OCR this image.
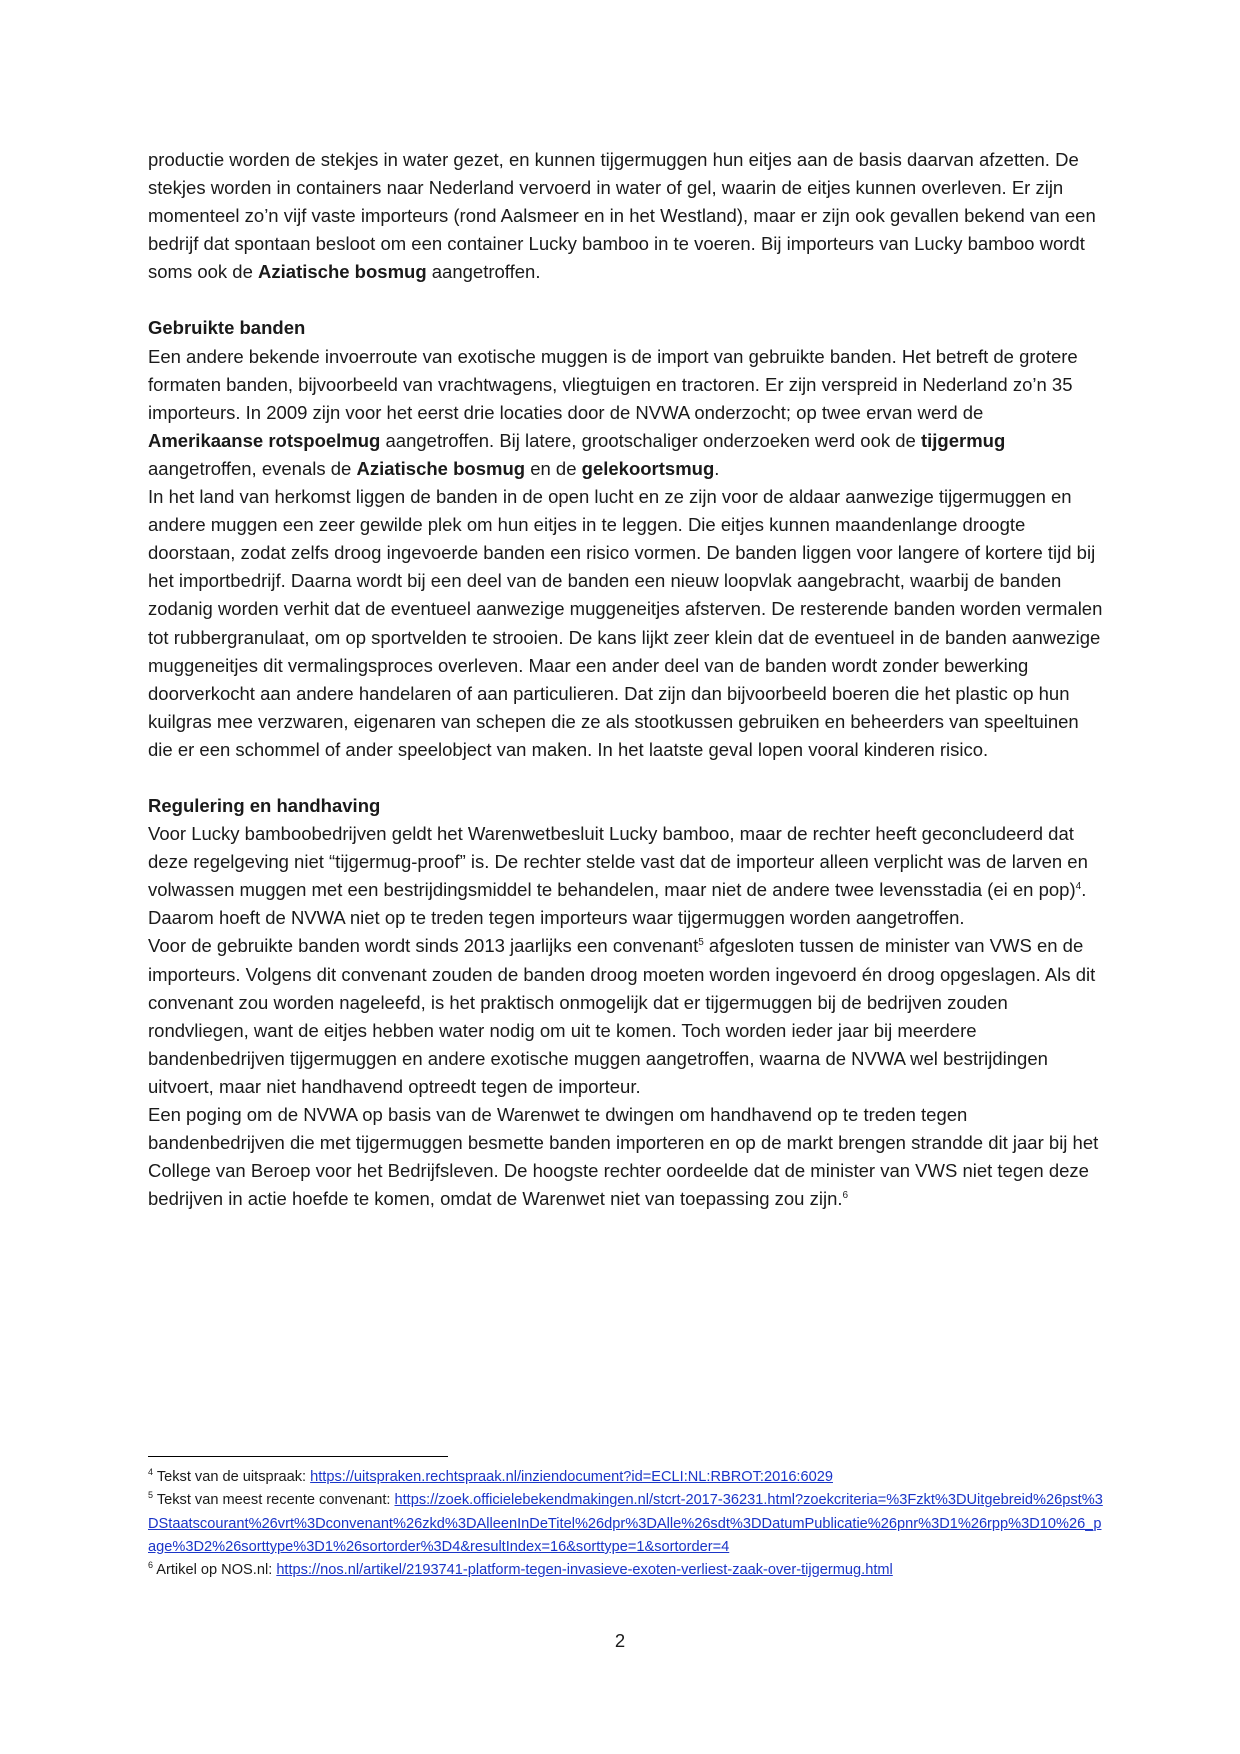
productie worden de stekjes in water gezet, en kunnen tijgermuggen hun eitjes aan de basis daarvan afzetten. De stekjes worden in containers naar Nederland vervoerd in water of gel, waarin de eitjes kunnen overleven. Er zijn momenteel zo’n vijf vaste importeurs (rond Aalsmeer en in het Westland), maar er zijn ook gevallen bekend van een bedrijf dat spontaan besloot om een container Lucky bamboo in te voeren. Bij importeurs van Lucky bamboo wordt soms ook de Aziatische bosmug aangetroffen.

Gebruikte banden

Een andere bekende invoerroute van exotische muggen is de import van gebruikte banden. Het betreft de grotere formaten banden, bijvoorbeeld van vrachtwagens, vliegtuigen en tractoren. Er zijn verspreid in Nederland zo’n 35 importeurs. In 2009 zijn voor het eerst drie locaties door de NVWA onderzocht; op twee ervan werd de Amerikaanse rotspoelmug aangetroffen. Bij latere, grootschaliger onderzoeken werd ook de tijgermug aangetroffen, evenals de Aziatische bosmug en de gelekoortsmug.

In het land van herkomst liggen de banden in de open lucht en ze zijn voor de aldaar aanwezige tijgermuggen en andere muggen een zeer gewilde plek om hun eitjes in te leggen. Die eitjes kunnen maandenlange droogte doorstaan, zodat zelfs droog ingevoerde banden een risico vormen. De banden liggen voor langere of kortere tijd bij het importbedrijf. Daarna wordt bij een deel van de banden een nieuw loopvlak aangebracht, waarbij de banden zodanig worden verhit dat de eventueel aanwezige muggeneitjes afsterven. De resterende banden worden vermalen tot rubbergranulaat, om op sportvelden te strooien. De kans lijkt zeer klein dat de eventueel in de banden aanwezige muggeneitjes dit vermalingsproces overleven. Maar een ander deel van de banden wordt zonder bewerking doorverkocht aan andere handelaren of aan particulieren. Dat zijn dan bijvoorbeeld boeren die het plastic op hun kuilgras mee verzwaren, eigenaren van schepen die ze als stootkussen gebruiken en beheerders van speeltuinen die er een schommel of ander speelobject van maken. In het laatste geval lopen vooral kinderen risico.

Regulering en handhaving

Voor Lucky bamboobedrijven geldt het Warenwetbesluit Lucky bamboo, maar de rechter heeft geconcludeerd dat deze regelgeving niet “tijgermug-proof” is. De rechter stelde vast dat de importeur alleen verplicht was de larven en volwassen muggen met een bestrijdingsmiddel te behandelen, maar niet de andere twee levensstadia (ei en pop)$^4$. Daarom hoeft de NVWA niet op te treden tegen importeurs waar tijgermuggen worden aangetroffen.

Voor de gebruikte banden wordt sinds 2013 jaarlijks een convenant$^5$ afgesloten tussen de minister van VWS en de importeurs. Volgens dit convenant zouden de banden droog moeten worden ingevoerd én droog opgeslagen. Als dit convenant zou worden nageleefd, is het praktisch onmogelijk dat er tijgermuggen bij de bedrijven zouden rondvliegen, want de eitjes hebben water nodig om uit te komen. Toch worden ieder jaar bij meerdere bandenbedrijven tijgermuggen en andere exotische muggen aangetroffen, waarna de NVWA wel bestrijdingen uitvoert, maar niet handhavend optreedt tegen de importeur.

Een poging om de NVWA op basis van de Warenwet te dwingen om handhavend op te treden tegen bandenbedrijven die met tijgermuggen besmette banden importeren en op de markt brengen strandde dit jaar bij het College van Beroep voor het Bedrijfsleven. De hoogste rechter oordeelde dat de minister van VWS niet tegen deze bedrijven in actie hoefde te komen, omdat de Warenwet niet van toepassing zou zijn.$^6$

$^4$ Tekst van de uitspraak: https://uitspraken.rechtspraak.nl/inziendocument?id=ECLI:NL:RBROT:2016:6029
$^5$ Tekst van meest recente convenant: https://zoek.officielebekendmakingen.nl/stcrt-2017-36231.html?zoekcriteria=%3Fzkt%3DUitgebreid%26pst%3DStaatscourant%26vrt%3Dconvenant%26zkd%3DAlleenInDeTitel%26dpr%3DAlle%26sdt%3DDatumPublicatie%26pnr%3D1%26rpp%3D10%26_page%3D2%26sorttype%3D1%26sortorder%3D4&resultIndex=16&sorttype=1&sortorder=4
$^6$ Artikel op NOS.nl: https://nos.nl/artikel/2193741-platform-tegen-invasieve-exoten-verliest-zaak-over-tijgermug.html
2
